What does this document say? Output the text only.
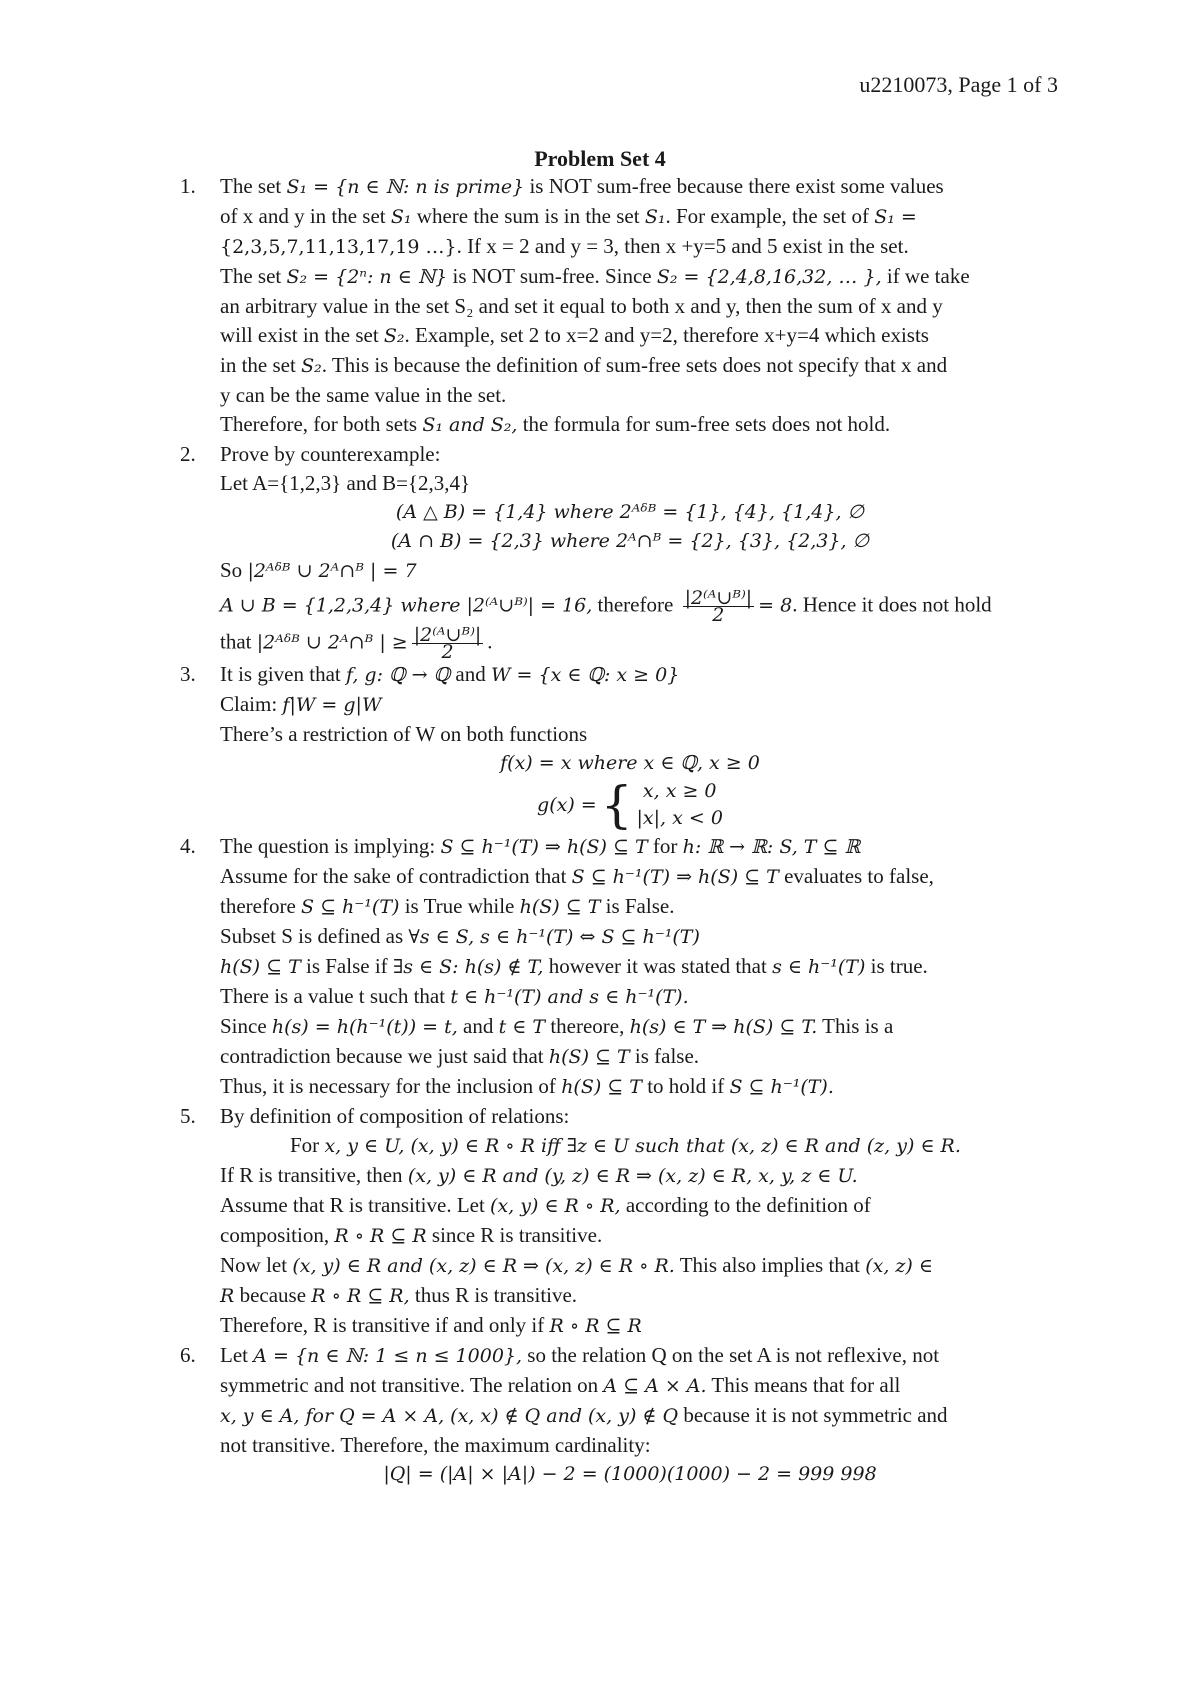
u2210073, Page 1 of 3
Problem Set 4
1. The set S₁ = {n ∈ ℕ: n is prime} is NOT sum-free because there exist some values
of x and y in the set S₁ where the sum is in the set S₁. For example, the set of S₁ =
{2,3,5,7,11,13,17,19 …}. If x = 2 and y = 3, then x +y=5 and 5 exist in the set.
The set S₂ = {2ⁿ: n ∈ ℕ} is NOT sum-free. Since S₂ = {2,4,8,16,32, … }, if we take
an arbitrary value in the set S₂ and set it equal to both x and y, then the sum of x and y
will exist in the set S₂. Example, set 2 to x=2 and y=2, therefore x+y=4 which exists
in the set S₂. This is because the definition of sum-free sets does not specify that x and
y can be the same value in the set.
Therefore, for both sets S₁ and S₂, the formula for sum-free sets does not hold.
2. Prove by counterexample:
Let A={1,2,3} and B={2,3,4}
(A △ B) = {1,4} where 2ᴬᵟᴮ = {1}, {4}, {1,4}, ∅
(A ∩ B) = {2,3} where 2ᴬ∩ᴮ = {2}, {3}, {2,3}, ∅
So |2ᴬᵟᴮ ∪ 2ᴬ∩ᴮ | = 7
A ∪ B = {1,2,3,4} where |2⁽ᴬ∪ᴮ⁾| = 16, therefore $\frac{\text{|2⁽ᴬ∪ᴮ⁾|}}{2} = 8$. Hence it does not hold
that |2ᴬᵟᴮ ∪ 2ᴬ∩ᴮ | ≥ $\frac{\text{|2⁽ᴬ∪ᴮ⁾|}}{2}$ .
3. It is given that f, g: ℚ → ℚ and W = {x ∈ ℚ: x ≥ 0}
Claim: f|W = g|W
There’s a restriction of W on both functions
f(x) = x where x ∈ ℚ, x ≥ 0
g(x) = { x, x ≥ 0
|x|, x < 0
4. The question is implying: S ⊆ h⁻¹(T) ⇒ h(S) ⊆ T for h: ℝ → ℝ: S, T ⊆ ℝ
Assume for the sake of contradiction that S ⊆ h⁻¹(T) ⇒ h(S) ⊆ T evaluates to false,
therefore S ⊆ h⁻¹(T) is True while h(S) ⊆ T is False.
Subset S is defined as ∀s ∈ S, s ∈ h⁻¹(T) ⇔ S ⊆ h⁻¹(T)
h(S) ⊆ T is False if ∃s ∈ S: h(s) ∉ T, however it was stated that s ∈ h⁻¹(T) is true.
There is a value t such that t ∈ h⁻¹(T) and s ∈ h⁻¹(T).
Since h(s) = h(h⁻¹(t)) = t, and t ∈ T thereore, h(s) ∈ T ⇒ h(S) ⊆ T. This is a
contradiction because we just said that h(S) ⊆ T is false.
Thus, it is necessary for the inclusion of h(S) ⊆ T to hold if S ⊆ h⁻¹(T).
5. By definition of composition of relations:
For x, y ∈ U, (x, y) ∈ R ∘ R iff ∃z ∈ U such that (x, z) ∈ R and (z, y) ∈ R.
If R is transitive, then (x, y) ∈ R and (y, z) ∈ R ⇒ (x, z) ∈ R, x, y, z ∈ U.
Assume that R is transitive. Let (x, y) ∈ R ∘ R, according to the definition of
composition, R ∘ R ⊆ R since R is transitive.
Now let (x, y) ∈ R and (x, z) ∈ R ⇒ (x, z) ∈ R ∘ R. This also implies that (x, z) ∈
R because R ∘ R ⊆ R, thus R is transitive.
Therefore, R is transitive if and only if R ∘ R ⊆ R
6. Let A = {n ∈ ℕ: 1 ≤ n ≤ 1000}, so the relation Q on the set A is not reflexive, not
symmetric and not transitive. The relation on A ⊆ A × A. This means that for all
x, y ∈ A, for Q = A × A, (x, x) ∉ Q and (x, y) ∉ Q because it is not symmetric and
not transitive. Therefore, the maximum cardinality:
|Q| = (|A| × |A|) − 2 = (1000)(1000) − 2 = 999 998
